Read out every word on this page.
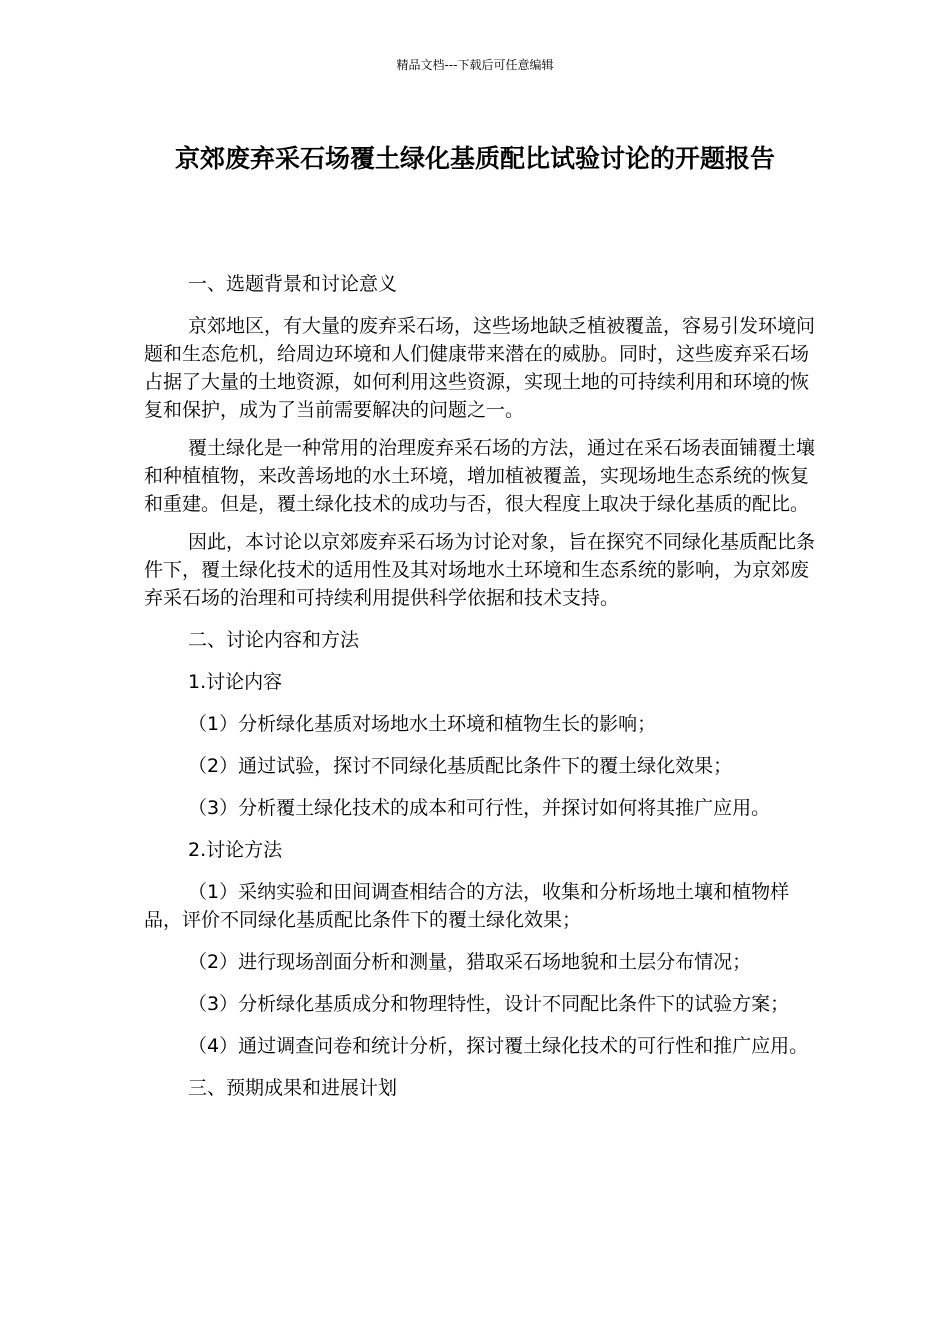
精品文档---下载后可任意编辑
京郊废弃采石场覆土绿化基质配比试验讨论的开题报告

一、选题背景和讨论意义

京郊地区，有大量的废弃采石场，这些场地缺乏植被覆盖，容易引发环境问题和生态危机，给周边环境和人们健康带来潜在的威胁。同时，这些废弃采石场占据了大量的土地资源，如何利用这些资源，实现土地的可持续利用和环境的恢复和保护，成为了当前需要解决的问题之一。

覆土绿化是一种常用的治理废弃采石场的方法，通过在采石场表面铺覆土壤和种植植物，来改善场地的水土环境，增加植被覆盖，实现场地生态系统的恢复和重建。但是，覆土绿化技术的成功与否，很大程度上取决于绿化基质的配比。

因此，本讨论以京郊废弃采石场为讨论对象，旨在探究不同绿化基质配比条件下，覆土绿化技术的适用性及其对场地水土环境和生态系统的影响，为京郊废弃采石场的治理和可持续利用提供科学依据和技术支持。

二、讨论内容和方法

1.讨论内容

（1）分析绿化基质对场地水土环境和植物生长的影响；

（2）通过试验，探讨不同绿化基质配比条件下的覆土绿化效果；

（3）分析覆土绿化技术的成本和可行性，并探讨如何将其推广应用。

2.讨论方法

（1）采纳实验和田间调查相结合的方法，收集和分析场地土壤和植物样品，评价不同绿化基质配比条件下的覆土绿化效果；

（2）进行现场剖面分析和测量，猎取采石场地貌和土层分布情况；

（3）分析绿化基质成分和物理特性，设计不同配比条件下的试验方案；

（4）通过调查问卷和统计分析，探讨覆土绿化技术的可行性和推广应用。

三、预期成果和进展计划
